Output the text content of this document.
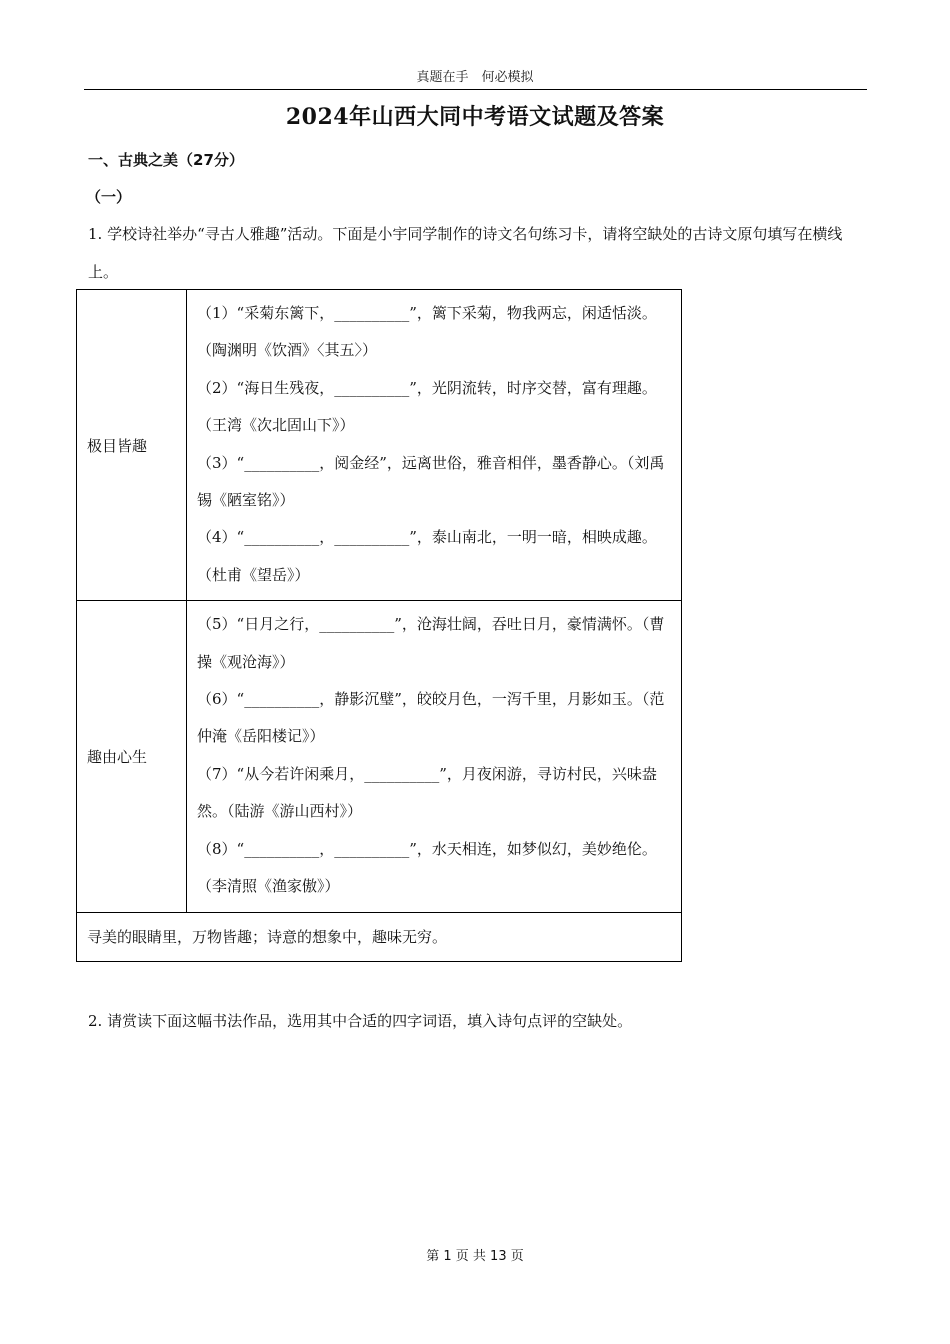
真题在手　何必模拟
2024年山西大同中考语文试题及答案
一、古典之美（27分）
（一）
1. 学校诗社举办“寻古人雅趣”活动。下面是小宇同学制作的诗文名句练习卡，请将空缺处的古诗文原句填写在横线上。
极目皆趣	（1）“采菊东篱下，__________”，篱下采菊，物我两忘，闲适恬淡。（陶渊明《饮酒》〈其五〉）
（2）“海日生残夜，__________”，光阴流转，时序交替，富有理趣。（王湾《次北固山下》）
（3）“__________，阅金经”，远离世俗，雅音相伴，墨香静心。（刘禹锡《陋室铭》）
（4）“__________，__________”，泰山南北，一明一暗，相映成趣。（杜甫《望岳》）

趣由心生	（5）“日月之行，__________”，沧海壮阔，吞吐日月，豪情满怀。（曹操《观沧海》）
（6）“__________，静影沉璧”，皎皎月色，一泻千里，月影如玉。（范仲淹《岳阳楼记》）
（7）“从今若许闲乘月，__________”，月夜闲游，寻访村民，兴味盎然。（陆游《游山西村》）
（8）“__________，__________”，水天相连，如梦似幻，美妙绝伦。（李清照《渔家傲》）

寻美的眼睛里，万物皆趣；诗意的想象中，趣味无穷。	
2. 请赏读下面这幅书法作品，选用其中合适的四字词语，填入诗句点评的空缺处。
第 1 页 共 13 页
